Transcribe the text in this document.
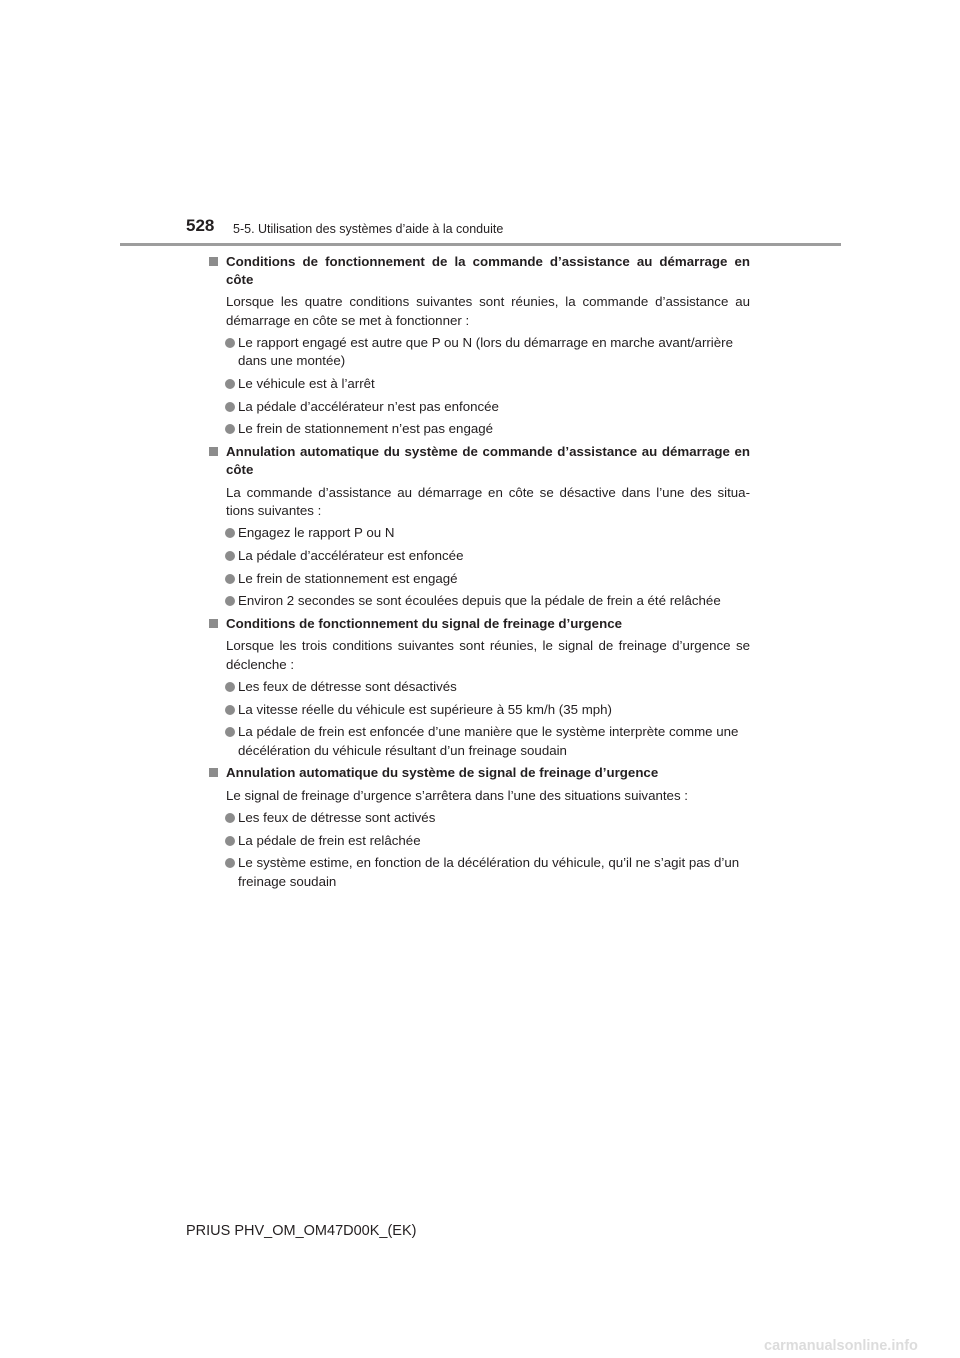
528 5-5. Utilisation des systèmes d’aide à la conduite
Conditions de fonctionnement de la commande d’assistance au démarrage en côte
Lorsque les quatre conditions suivantes sont réunies, la commande d’assistance au démarrage en côte se met à fonctionner :
Le rapport engagé est autre que P ou N (lors du démarrage en marche avant/arrière dans une montée)
Le véhicule est à l’arrêt
La pédale d’accélérateur n’est pas enfoncée
Le frein de stationnement n’est pas engagé
Annulation automatique du système de commande d’assistance au démarrage en côte
La commande d’assistance au démarrage en côte se désactive dans l’une des situa-tions suivantes :
Engagez le rapport P ou N
La pédale d’accélérateur est enfoncée
Le frein de stationnement est engagé
Environ 2 secondes se sont écoulées depuis que la pédale de frein a été relâchée
Conditions de fonctionnement du signal de freinage d’urgence
Lorsque les trois conditions suivantes sont réunies, le signal de freinage d’urgence se déclenche :
Les feux de détresse sont désactivés
La vitesse réelle du véhicule est supérieure à 55 km/h (35 mph)
La pédale de frein est enfoncée d’une manière que le système interprète comme une décélération du véhicule résultant d’un freinage soudain
Annulation automatique du système de signal de freinage d’urgence
Le signal de freinage d’urgence s’arrêtera dans l’une des situations suivantes :
Les feux de détresse sont activés
La pédale de frein est relâchée
Le système estime, en fonction de la décélération du véhicule, qu’il ne s’agit pas d’un freinage soudain
PRIUS PHV_OM_OM47D00K_(EK)
carmanualsonline.info
